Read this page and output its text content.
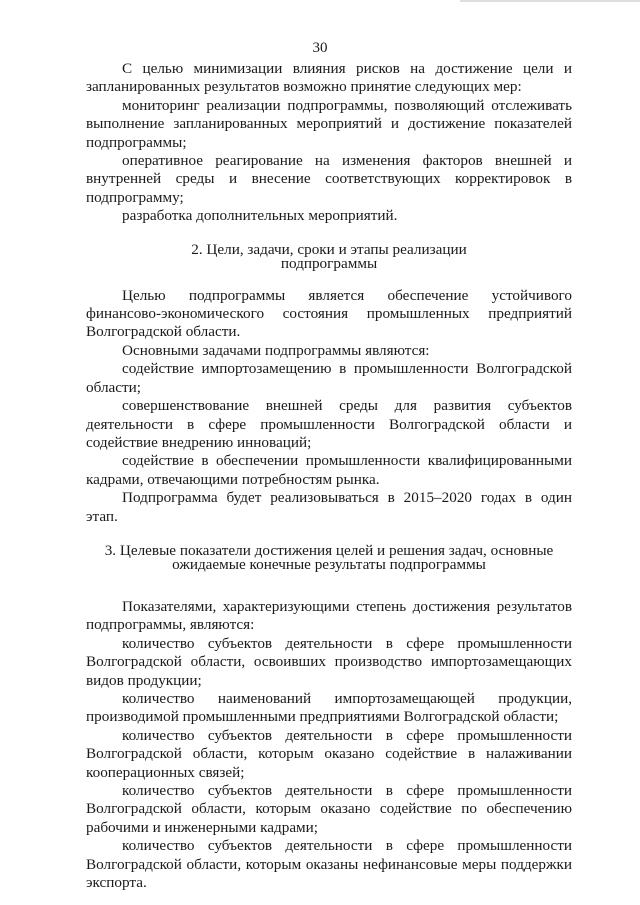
30

С целью минимизации влияния рисков на достижение цели и запланированных результатов возможно принятие следующих мер:

мониторинг реализации подпрограммы, позволяющий отслеживать выполнение запланированных мероприятий и достижение показателей подпрограммы;

оперативное реагирование на изменения факторов внешней и внутренней среды и внесение соответствующих корректировок в подпрограмму;

разработка дополнительных мероприятий.

2. Цели, задачи, сроки и этапы реализации
подпрограммы

Целью подпрограммы является обеспечение устойчивого финансово-экономического состояния промышленных предприятий Волгоградской области.

Основными задачами подпрограммы являются:

содействие импортозамещению в промышленности Волгоградской области;

совершенствование внешней среды для развития субъектов деятельности в сфере промышленности Волгоградской области и содействие внедрению инноваций;

содействие в обеспечении промышленности квалифицированными кадрами, отвечающими потребностям рынка.

Подпрограмма будет реализовываться в 2015–2020 годах в один этап.

3. Целевые показатели достижения целей и решения задач, основные
ожидаемые конечные результаты подпрограммы

Показателями, характеризующими степень достижения результатов подпрограммы, являются:

количество субъектов деятельности в сфере промышленности Волгоградской области, освоивших производство импортозамещающих видов продукции;

количество наименований импортозамещающей продукции, производимой промышленными предприятиями Волгоградской области;

количество субъектов деятельности в сфере промышленности Волгоградской области, которым оказано содействие в налаживании кооперационных связей;

количество субъектов деятельности в сфере промышленности Волгоградской области, которым оказано содействие по обеспечению рабочими и инженерными кадрами;

количество субъектов деятельности в сфере промышленности Волгоградской области, которым оказаны нефинансовые меры поддержки экспорта.
